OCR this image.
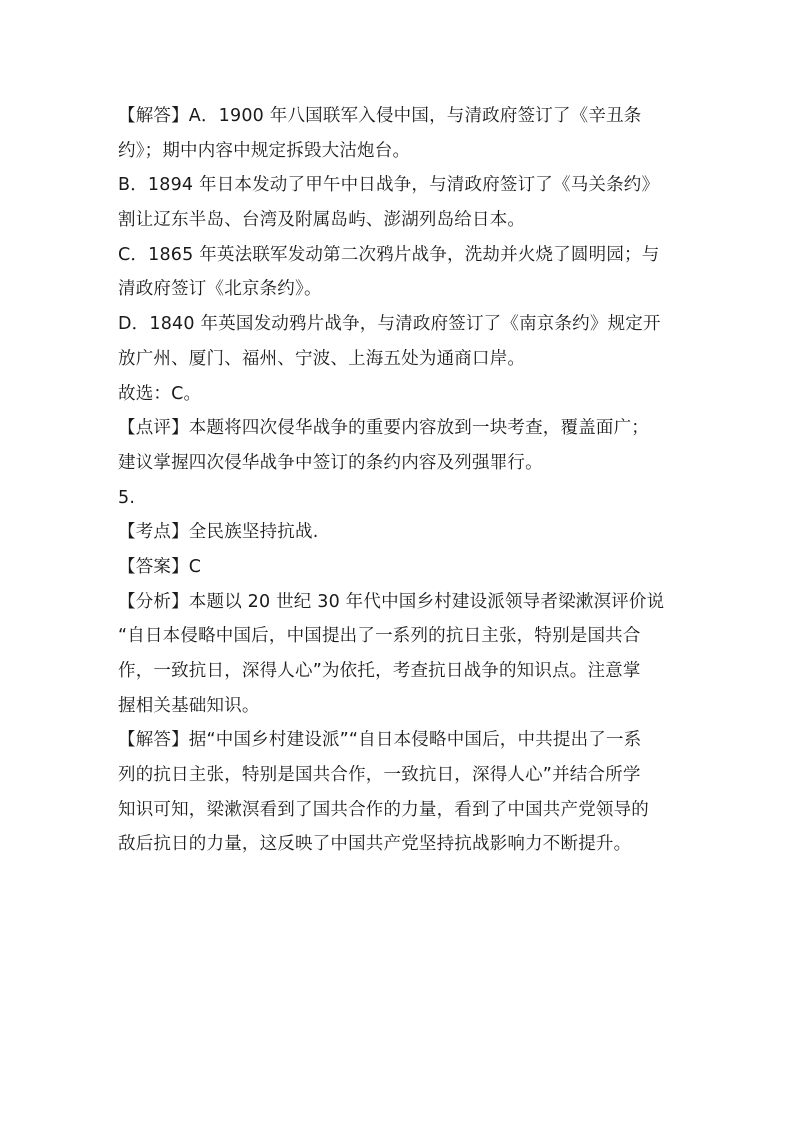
【解答】A．1900 年八国联军入侵中国，与清政府签订了《辛丑条
约》；期中内容中规定拆毁大沽炮台。
B．1894 年日本发动了甲午中日战争，与清政府签订了《马关条约》
割让辽东半岛、台湾及附属岛屿、澎湖列岛给日本。
C．1865 年英法联军发动第二次鸦片战争，洗劫并火烧了圆明园；与
清政府签订《北京条约》。
D．1840 年英国发动鸦片战争，与清政府签订了《南京条约》规定开
放广州、厦门、福州、宁波、上海五处为通商口岸。
故选：C。
【点评】本题将四次侵华战争的重要内容放到一块考查，覆盖面广；
建议掌握四次侵华战争中签订的条约内容及列强罪行。
5.
【考点】全民族坚持抗战.
【答案】C
【分析】本题以 20 世纪 30 年代中国乡村建设派领导者梁漱溟评价说
“自日本侵略中国后，中国提出了一系列的抗日主张，特别是国共合
作，一致抗日，深得人心”为依托，考查抗日战争的知识点。注意掌
握相关基础知识。
【解答】据“中国乡村建设派”“自日本侵略中国后，中共提出了一系
列的抗日主张，特别是国共合作，一致抗日，深得人心”并结合所学
知识可知，梁漱溟看到了国共合作的力量，看到了中国共产党领导的
敌后抗日的力量，这反映了中国共产党坚持抗战影响力不断提升。
